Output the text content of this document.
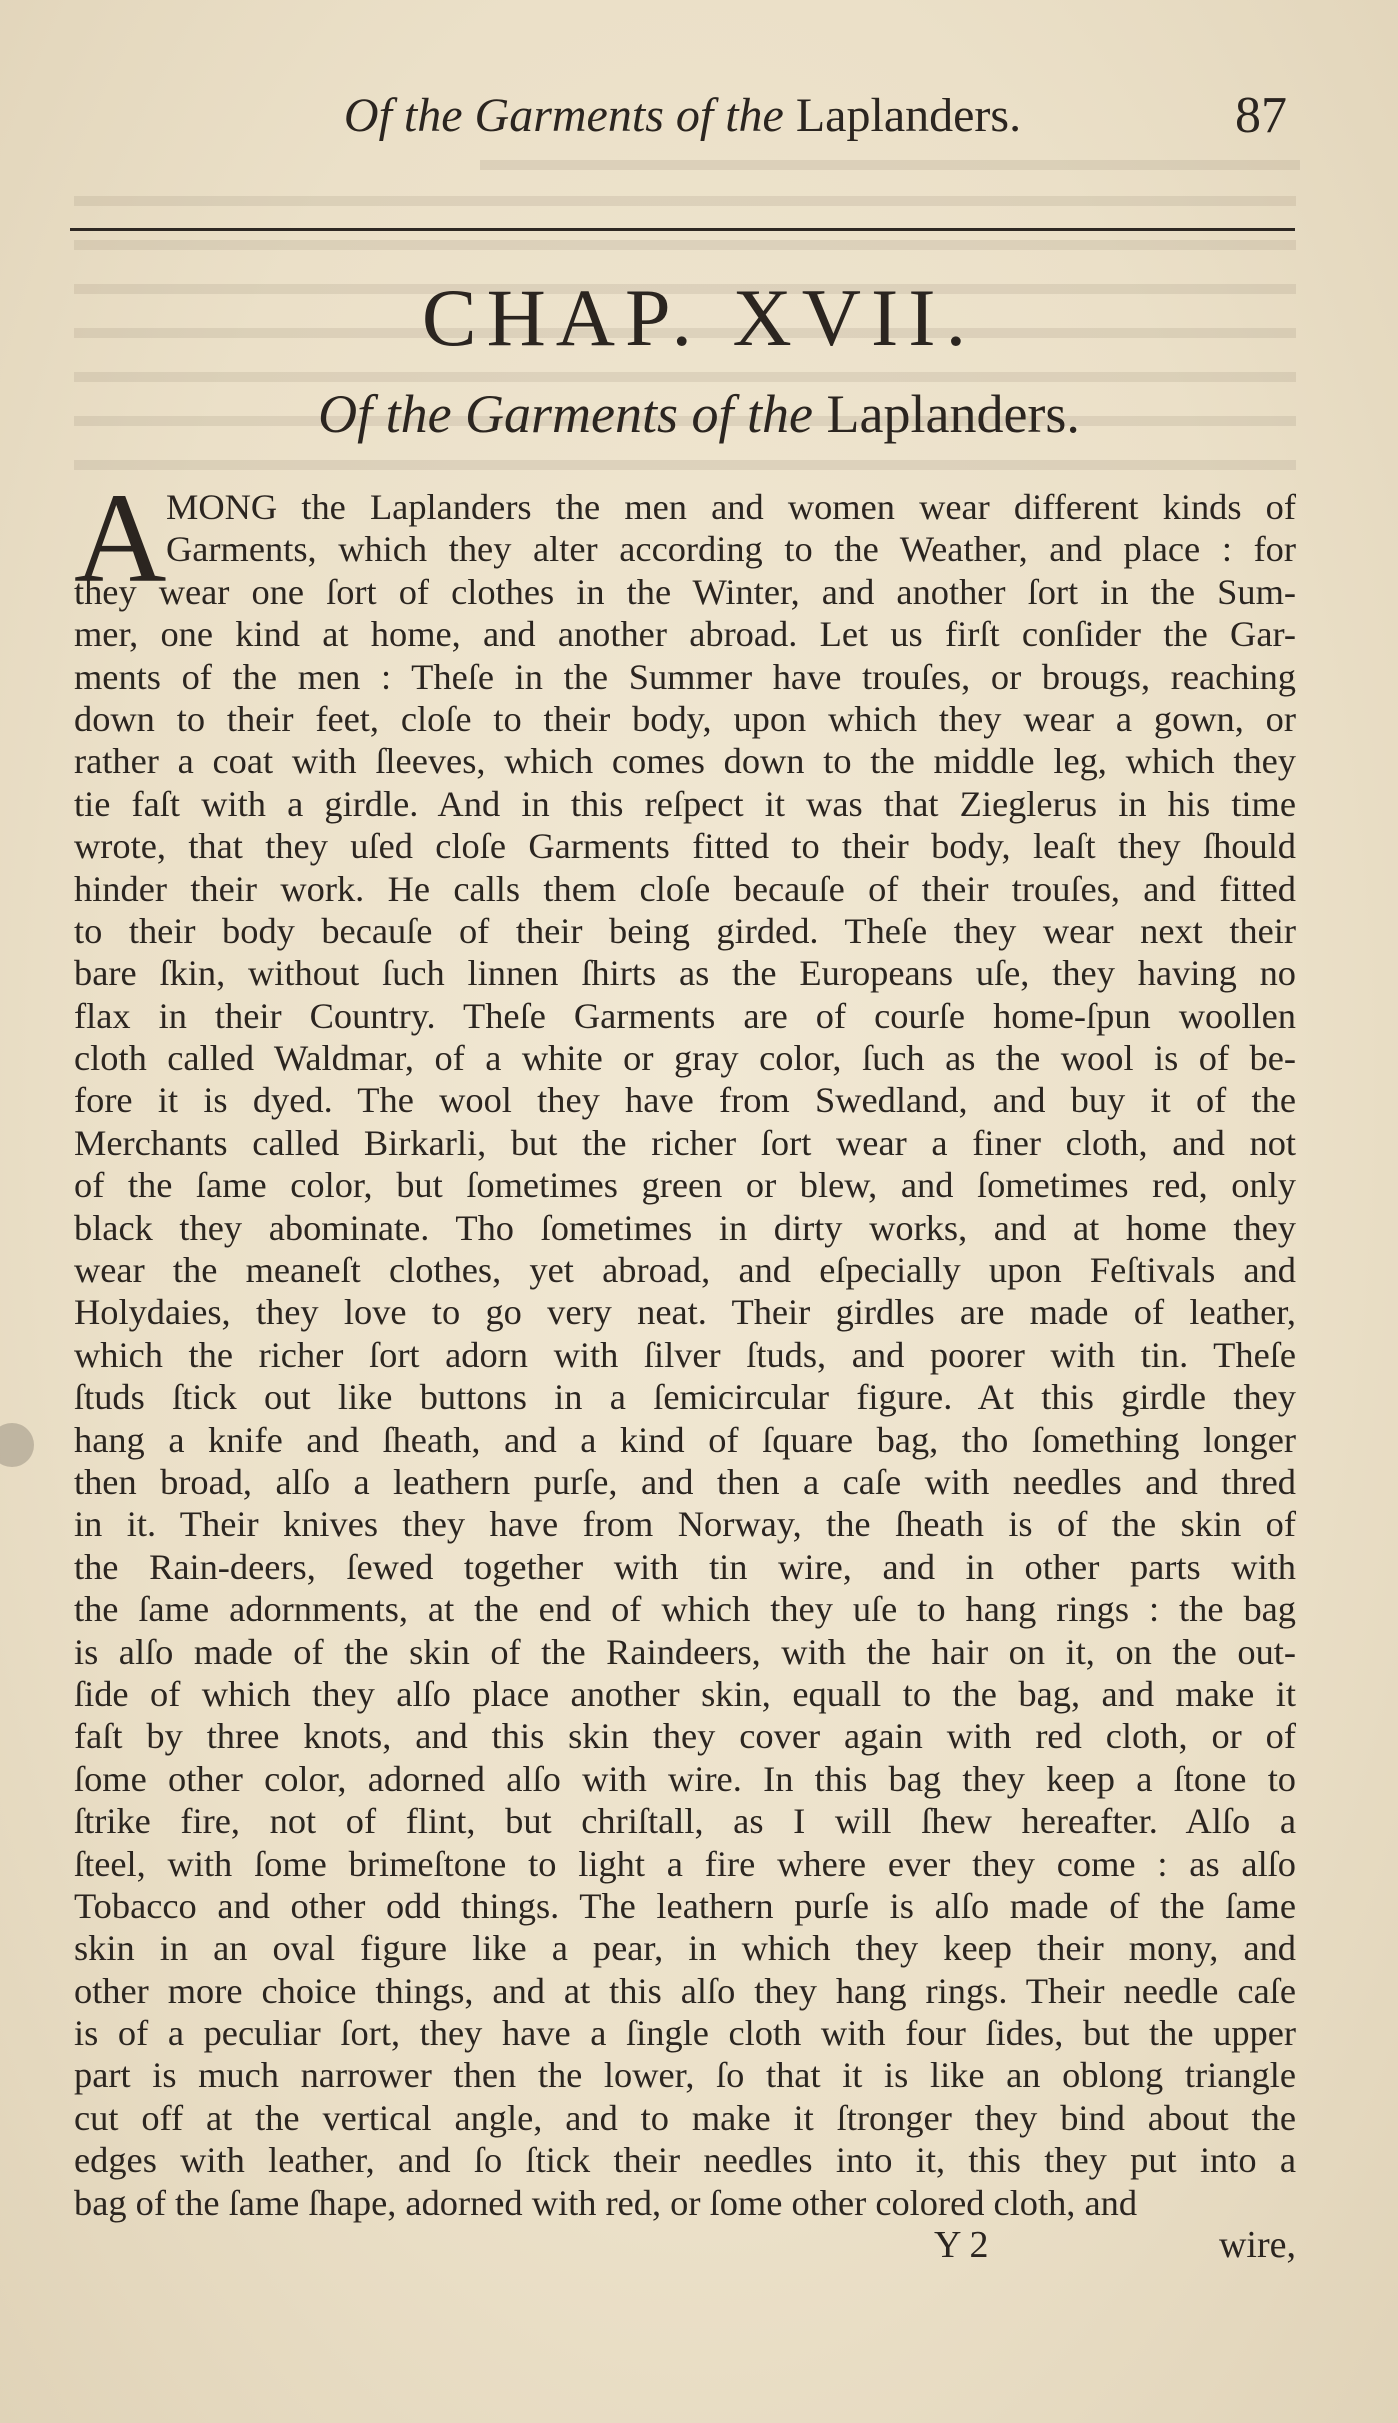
Of the Garments of the Laplanders.	87
CHAP. XVII.
Of the Garments of the Laplanders.
A MONG the Laplanders the men and women wear different kinds of
Garments, which they alter according to the Weather, and place : for
they wear one ſort of clothes in the Winter, and another ſort in the Sum-
mer, one kind at home, and another abroad. Let us firſt conſider the Gar-
ments of the men : Theſe in the Summer have trouſes, or brougs, reaching
down to their feet, cloſe to their body, upon which they wear a gown, or
rather a coat with ſleeves, which comes down to the middle leg, which they
tie faſt with a girdle. And in this reſpect it was that Zieglerus in his time
wrote, that they uſed cloſe Garments fitted to their body, leaſt they ſhould
hinder their work. He calls them cloſe becauſe of their trouſes, and fitted
to their body becauſe of their being girded. Theſe they wear next their
bare ſkin, without ſuch linnen ſhirts as the Europeans uſe, they having no
flax in their Country. Theſe Garments are of courſe home-ſpun woollen
cloth called Waldmar, of a white or gray color, ſuch as the wool is of be-
fore it is dyed. The wool they have from Swedland, and buy it of the
Merchants called Birkarli, but the richer ſort wear a finer cloth, and not
of the ſame color, but ſometimes green or blew, and ſometimes red, only
black they abominate. Tho ſometimes in dirty works, and at home they
wear the meaneſt clothes, yet abroad, and eſpecially upon Feſtivals and
Holydaies, they love to go very neat. Their girdles are made of leather,
which the richer ſort adorn with ſilver ſtuds, and poorer with tin. Theſe
ſtuds ſtick out like buttons in a ſemicircular figure. At this girdle they
hang a knife and ſheath, and a kind of ſquare bag, tho ſomething longer
then broad, alſo a leathern purſe, and then a caſe with needles and thred
in it. Their knives they have from Norway, the ſheath is of the skin of
the Rain-deers, ſewed together with tin wire, and in other parts with
the ſame adornments, at the end of which they uſe to hang rings : the bag
is alſo made of the skin of the Raindeers, with the hair on it, on the out-
ſide of which they alſo place another skin, equall to the bag, and make it
faſt by three knots, and this skin they cover again with red cloth, or of
ſome other color, adorned alſo with wire. In this bag they keep a ſtone to
ſtrike fire, not of flint, but chriſtall, as I will ſhew hereafter. Alſo a
ſteel, with ſome brimeſtone to light a fire where ever they come : as alſo
Tobacco and other odd things. The leathern purſe is alſo made of the ſame
skin in an oval figure like a pear, in which they keep their mony, and
other more choice things, and at this alſo they hang rings. Their needle caſe
is of a peculiar ſort, they have a ſingle cloth with four ſides, but the upper
part is much narrower then the lower, ſo that it is like an oblong triangle
cut off at the vertical angle, and to make it ſtronger they bind about the
edges with leather, and ſo ſtick their needles into it, this they put into a
bag of the ſame ſhape, adorned with red, or ſome other colored cloth, and
Y 2	wire,
